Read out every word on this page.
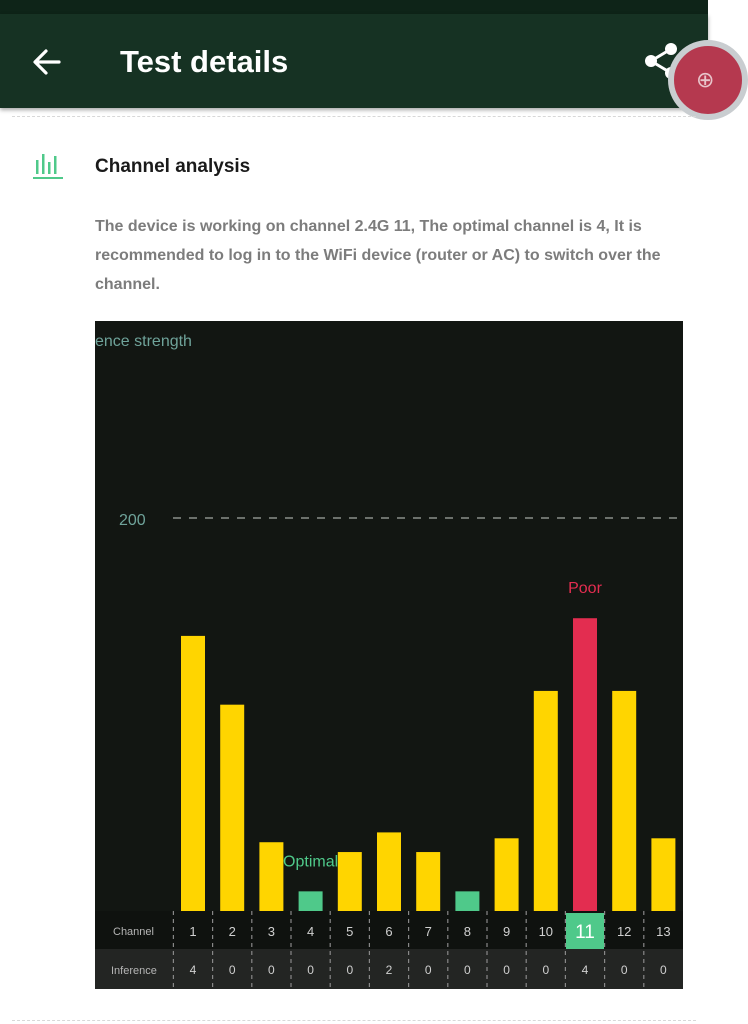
Test details
⊕
Channel analysis
The device is working on channel 2.4G 11, The optimal channel is 4, It is recommended to log in to the WiFi device (router or AC) to switch over the channel.
ence strength
200
Channel
Inference
1
4
2
0
3
0
4
0
5
0
6
2
7
0
8
0
9
0
10
0
11
4
Poor
12
0
13
0
Optimal
